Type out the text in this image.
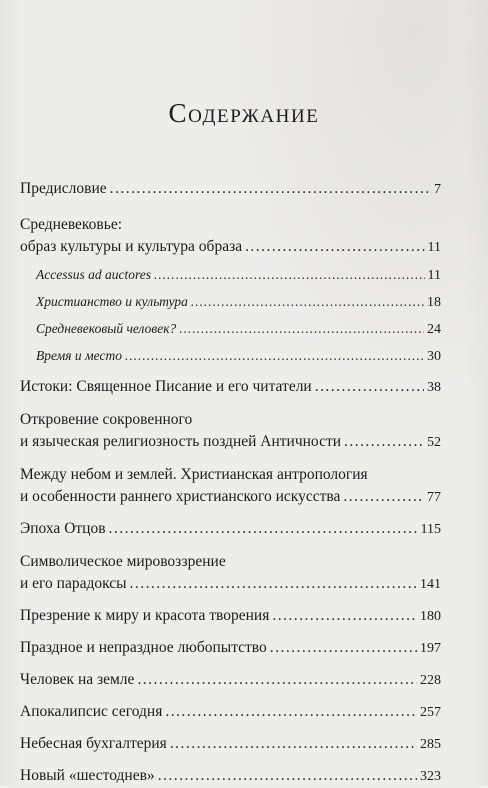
Содержание
Предисловие . . .	7
Средневековье:
образ культуры и культура образа . . .	11
Accessus ad auctores . . .	11
Христианство и культура . . .	18
Средневековый человек? . . .	24
Время и место . . .	30
Истоки: Священное Писание и его читатели . . .	38
Откровение сокровенного
и языческая религиозность поздней Античности . . .	52
Между небом и землей. Христианская антропология
и особенности раннего христианского искусства . . .	77
Эпоха Отцов . . .	115
Символическое мировоззрение
и его парадоксы . . .	141
Презрение к миру и красота творения . . .	180
Праздное и непраздное любопытство . . .	197
Человек на земле . . .	228
Апокалипсис сегодня . . .	257
Небесная бухгалтерия . . .	285
Новый «шестоднев» . . .	323
